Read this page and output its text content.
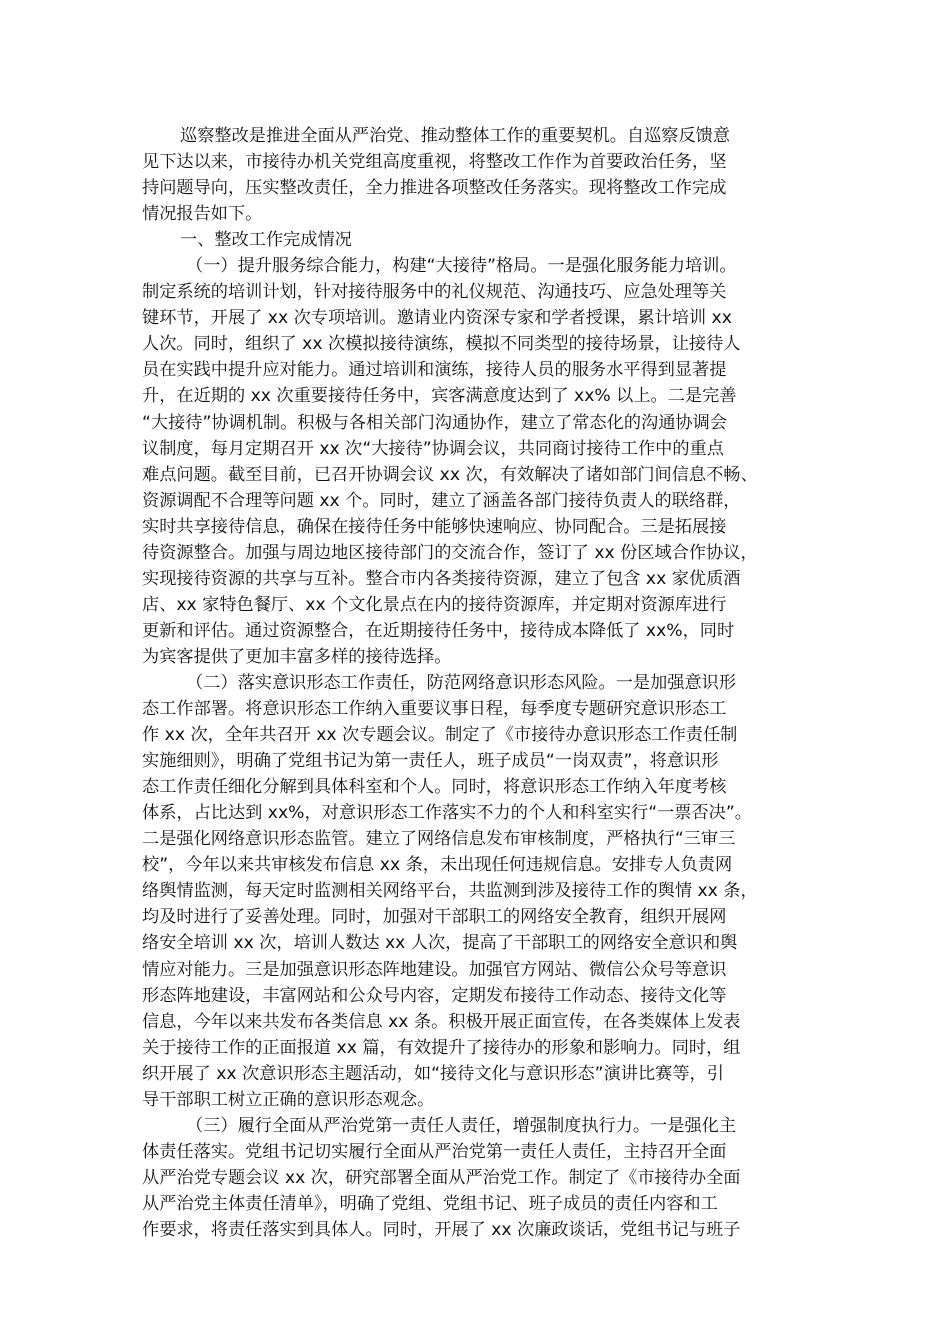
巡察整改是推进全面从严治党、推动整体工作的重要契机。自巡察反馈意
见下达以来，市接待办机关党组高度重视，将整改工作作为首要政治任务，坚
持问题导向，压实整改责任，全力推进各项整改任务落实。现将整改工作完成
情况报告如下。

一、整改工作完成情况

（一）提升服务综合能力，构建“大接待”格局。一是强化服务能力培训。
制定系统的培训计划，针对接待服务中的礼仪规范、沟通技巧、应急处理等关
键环节，开展了 xx 次专项培训。邀请业内资深专家和学者授课，累计培训 xx
人次。同时，组织了 xx 次模拟接待演练，模拟不同类型的接待场景，让接待人
员在实践中提升应对能力。通过培训和演练，接待人员的服务水平得到显著提
升，在近期的 xx 次重要接待任务中，宾客满意度达到了 xx% 以上。二是完善
“大接待”协调机制。积极与各相关部门沟通协作，建立了常态化的沟通协调会
议制度，每月定期召开 xx 次“大接待”协调会议，共同商讨接待工作中的重点
难点问题。截至目前，已召开协调会议 xx 次，有效解决了诸如部门间信息不畅、
资源调配不合理等问题 xx 个。同时，建立了涵盖各部门接待负责人的联络群，
实时共享接待信息，确保在接待任务中能够快速响应、协同配合。三是拓展接
待资源整合。加强与周边地区接待部门的交流合作，签订了 xx 份区域合作协议，
实现接待资源的共享与互补。整合市内各类接待资源，建立了包含 xx 家优质酒
店、xx 家特色餐厅、xx 个文化景点在内的接待资源库，并定期对资源库进行
更新和评估。通过资源整合，在近期接待任务中，接待成本降低了 xx%，同时
为宾客提供了更加丰富多样的接待选择。

（二）落实意识形态工作责任，防范网络意识形态风险。一是加强意识形
态工作部署。将意识形态工作纳入重要议事日程，每季度专题研究意识形态工
作 xx 次，全年共召开 xx 次专题会议。制定了《市接待办意识形态工作责任制
实施细则》，明确了党组书记为第一责任人，班子成员“一岗双责”，将意识形
态工作责任细化分解到具体科室和个人。同时，将意识形态工作纳入年度考核
体系，占比达到 xx%，对意识形态工作落实不力的个人和科室实行“一票否决”。
二是强化网络意识形态监管。建立了网络信息发布审核制度，严格执行“三审三
校”，今年以来共审核发布信息 xx 条，未出现任何违规信息。安排专人负责网
络舆情监测，每天定时监测相关网络平台，共监测到涉及接待工作的舆情 xx 条，
均及时进行了妥善处理。同时，加强对干部职工的网络安全教育，组织开展网
络安全培训 xx 次，培训人数达 xx 人次，提高了干部职工的网络安全意识和舆
情应对能力。三是加强意识形态阵地建设。加强官方网站、微信公众号等意识
形态阵地建设，丰富网站和公众号内容，定期发布接待工作动态、接待文化等
信息，今年以来共发布各类信息 xx 条。积极开展正面宣传，在各类媒体上发表
关于接待工作的正面报道 xx 篇，有效提升了接待办的形象和影响力。同时，组
织开展了 xx 次意识形态主题活动，如“接待文化与意识形态”演讲比赛等，引
导干部职工树立正确的意识形态观念。

（三）履行全面从严治党第一责任人责任，增强制度执行力。一是强化主
体责任落实。党组书记切实履行全面从严治党第一责任人责任，主持召开全面
从严治党专题会议 xx 次，研究部署全面从严治党工作。制定了《市接待办全面
从严治党主体责任清单》，明确了党组、党组书记、班子成员的责任内容和工
作要求，将责任落实到具体人。同时，开展了 xx 次廉政谈话，党组书记与班子
